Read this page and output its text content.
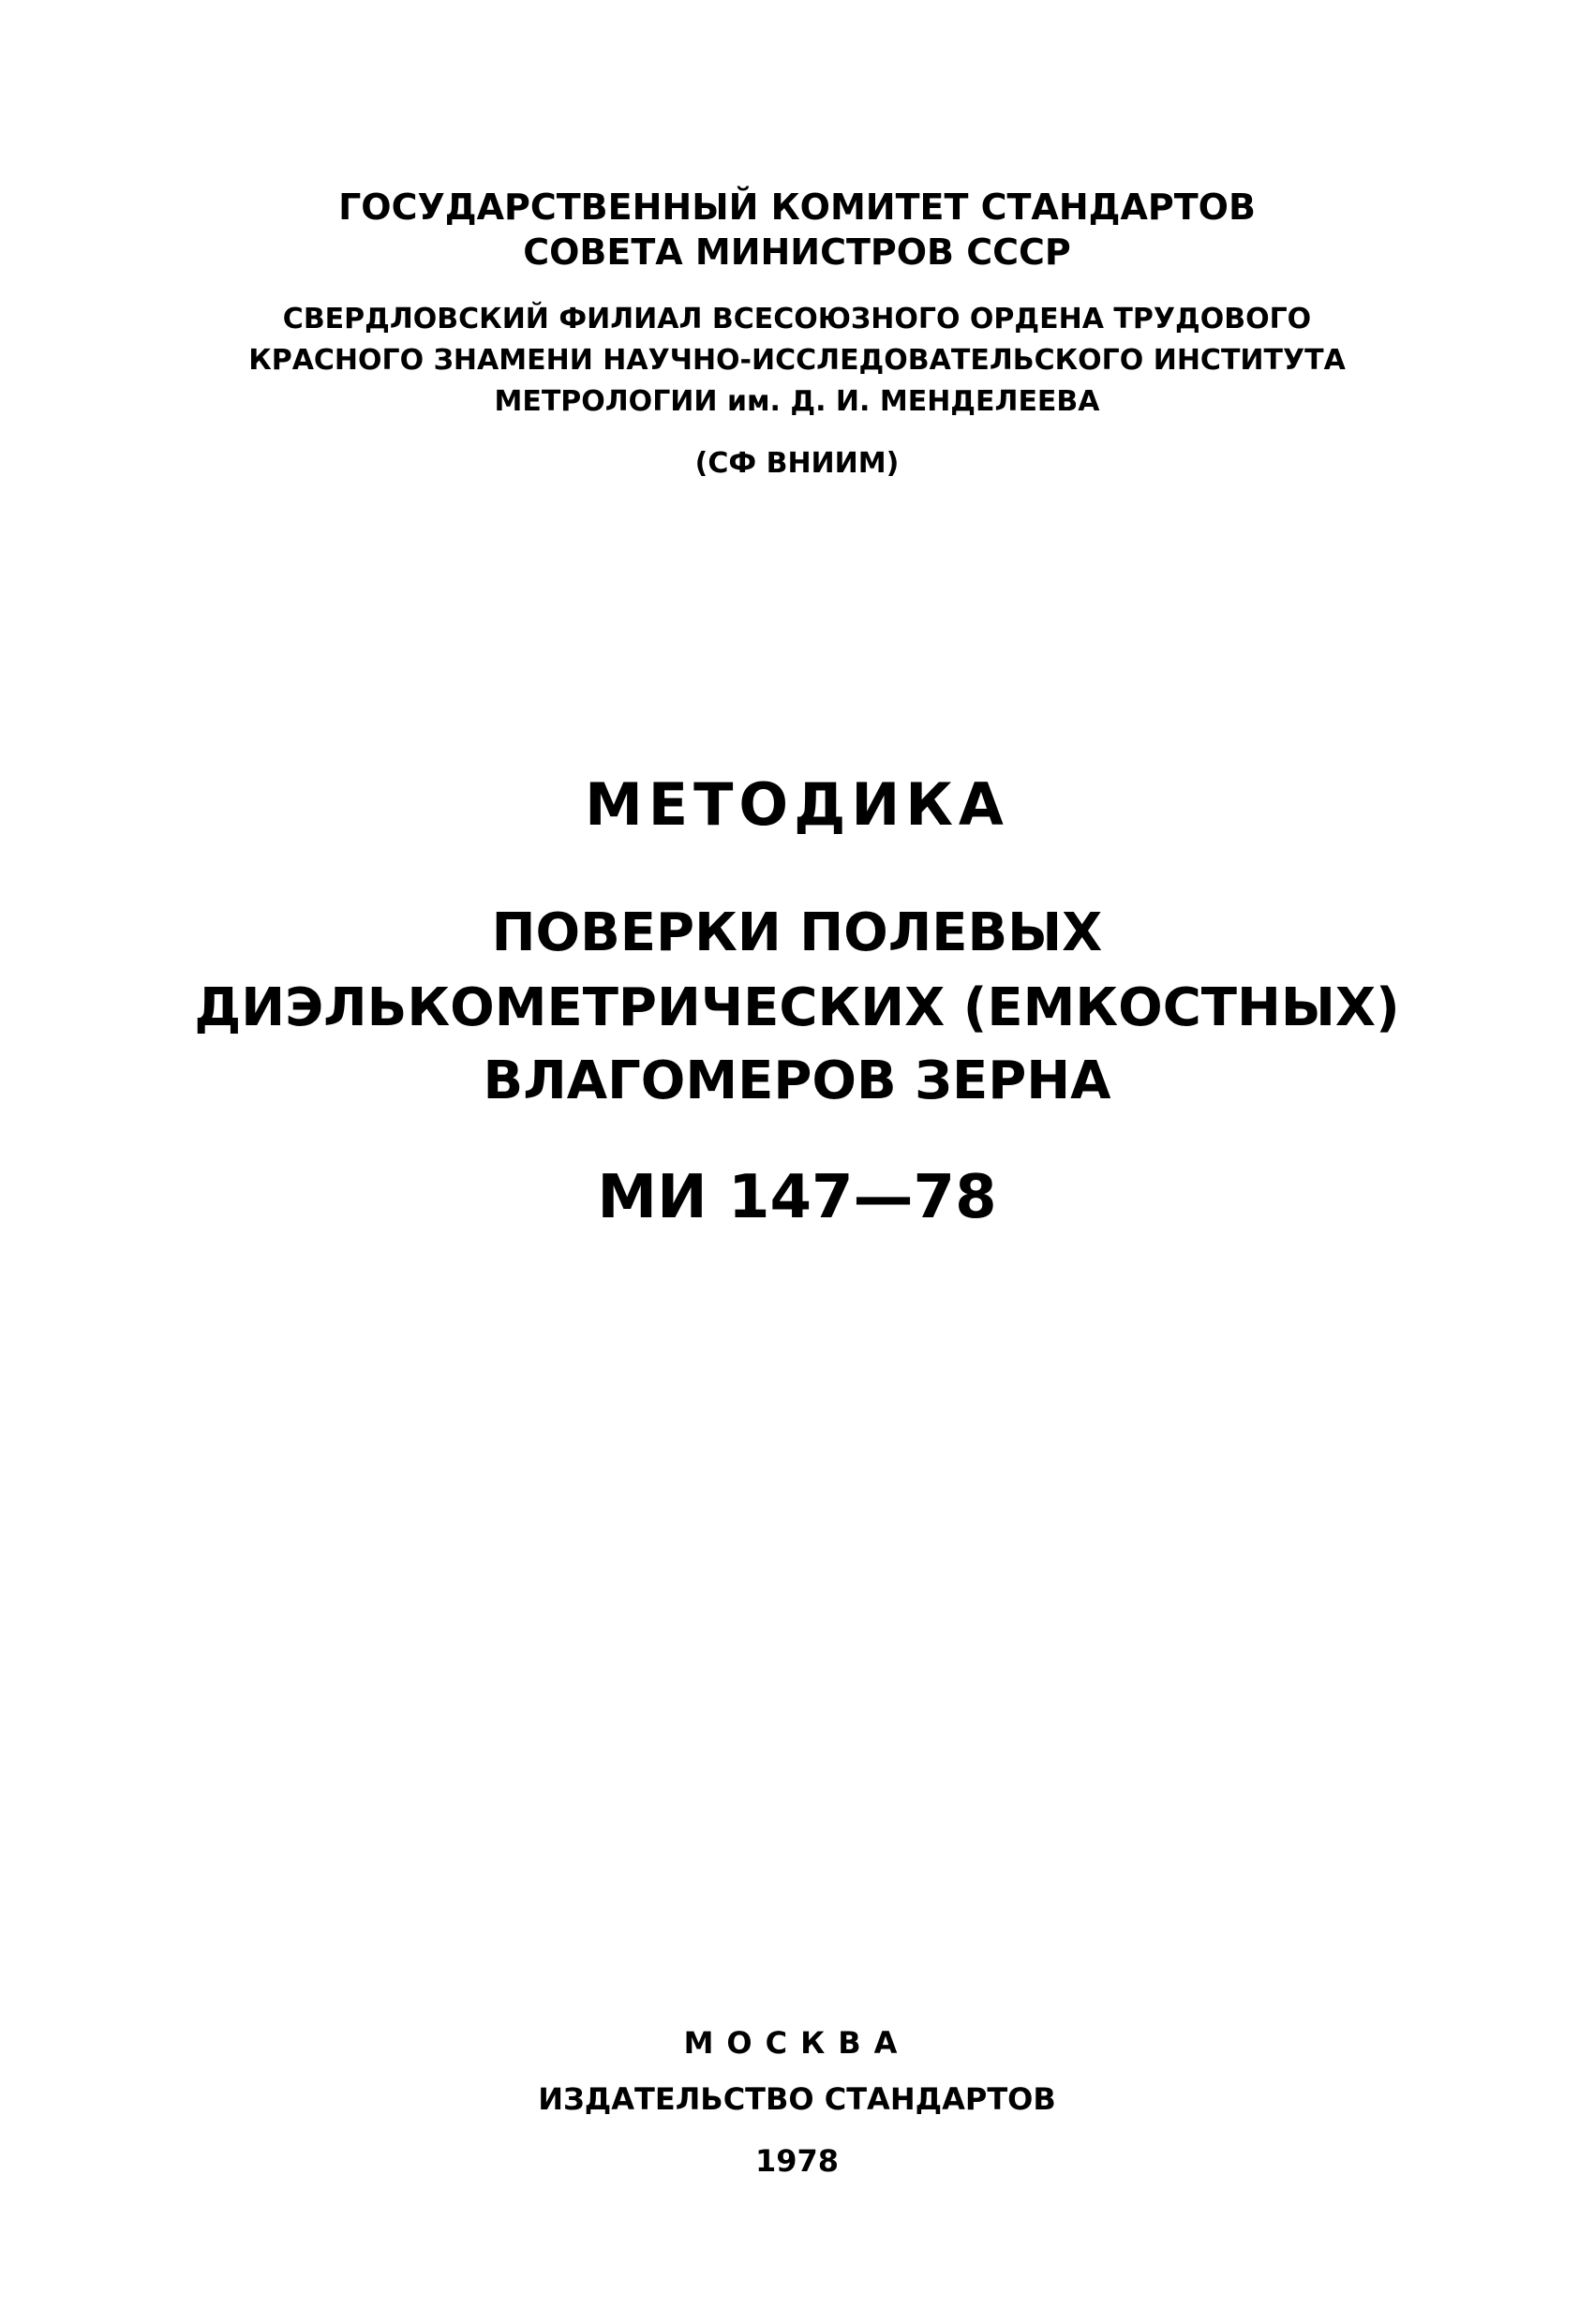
ГОСУДАРСТВЕННЫЙ КОМИТЕТ СТАНДАРТОВ
СОВЕТА МИНИСТРОВ СССР
СВЕРДЛОВСКИЙ ФИЛИАЛ ВСЕСОЮЗНОГО ОРДЕНА ТРУДОВОГО
КРАСНОГО ЗНАМЕНИ НАУЧНО-ИССЛЕДОВАТЕЛЬСКОГО ИНСТИТУТА
МЕТРОЛОГИИ им. Д. И. МЕНДЕЛЕЕВА
(СФ ВНИИМ)
МЕТОДИКА
ПОВЕРКИ ПОЛЕВЫХ
ДИЭЛЬКОМЕТРИЧЕСКИХ (ЕМКОСТНЫХ)
ВЛАГОМЕРОВ ЗЕРНА
МИ 147—78
МОСКВА
ИЗДАТЕЛЬСТВО СТАНДАРТОВ
1978
